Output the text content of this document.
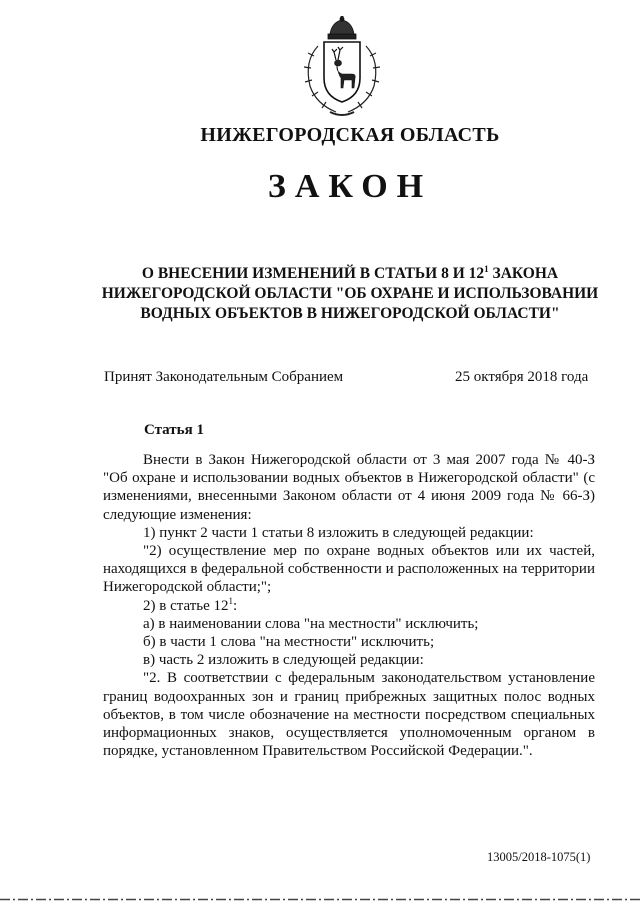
НИЖЕГОРОДСКАЯ ОБЛАСТЬ
ЗАКОН
О ВНЕСЕНИИ ИЗМЕНЕНИЙ В СТАТЬИ 8 И $12^1$ ЗАКОНА НИЖЕГОРОДСКОЙ ОБЛАСТИ "ОБ ОХРАНЕ И ИСПОЛЬЗОВАНИИ ВОДНЫХ ОБЪЕКТОВ В НИЖЕГОРОДСКОЙ ОБЛАСТИ"
Принят Законодательным Собранием	25 октября 2018 года
Статья 1

Внести в Закон Нижегородской области от 3 мая 2007 года № 40-З "Об охране и использовании водных объектов в Нижегородской области" (с изменениями, внесенными Законом области от 4 июня 2009 года № 66-З) следующие изменения:

1) пункт 2 части 1 статьи 8 изложить в следующей редакции:

"2) осуществление мер по охране водных объектов или их частей, находящихся в федеральной собственности и расположенных на территории Нижегородской области;";

2) в статье $12^1$:

а) в наименовании слова "на местности" исключить;

б) в части 1 слова "на местности" исключить;

в) часть 2 изложить в следующей редакции:

"2. В соответствии с федеральным законодательством установление границ водоохранных зон и границ прибрежных защитных полос водных объектов, в том числе обозначение на местности посредством специальных информационных знаков, осуществляется уполномоченным органом в порядке, установленном Правительством Российской Федерации.".

13005/2018-1075(1)
